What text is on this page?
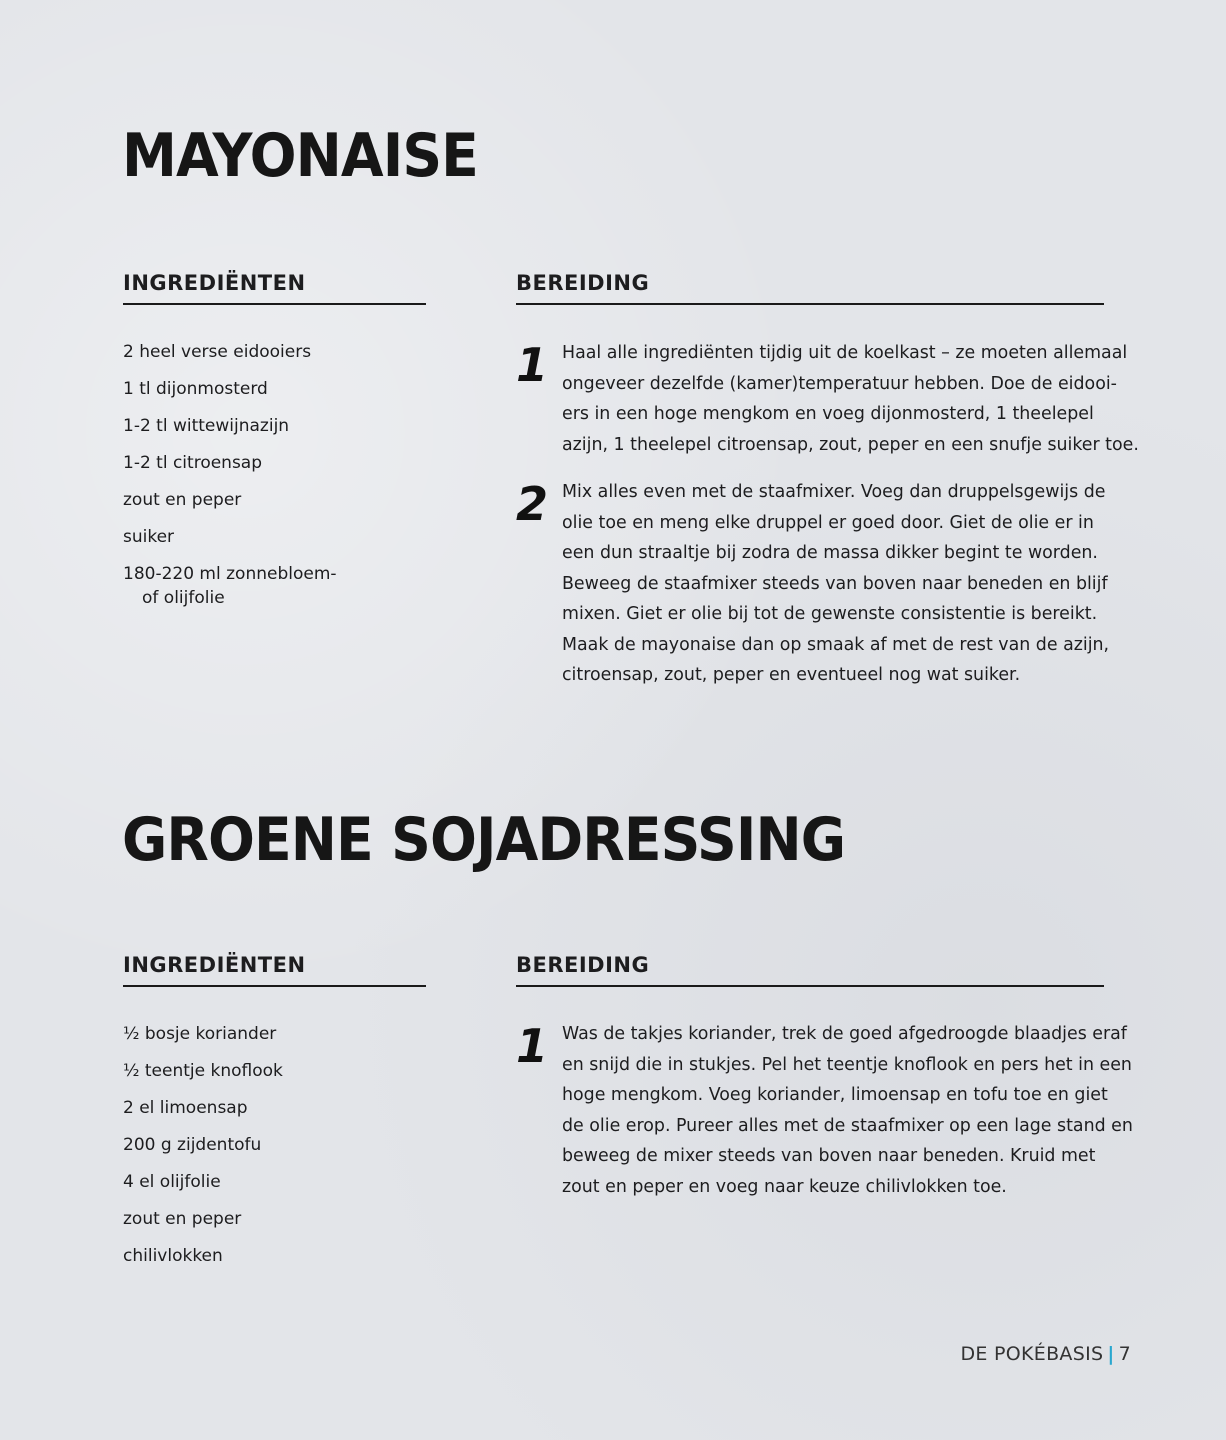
MAYONAISE
INGREDIËNTEN	BEREIDING
2 heel verse eidooiers
1 tl dijonmosterd
1-2 tl wittewijnazijn
1-2 tl citroensap
zout en peper
suiker
180-220 ml zonnebloem-
of olijfolie
1 Haal alle ingrediënten tijdig uit de koelkast – ze moeten allemaal
ongeveer dezelfde (kamer)temperatuur hebben. Doe de eidooi-
ers in een hoge mengkom en voeg dijonmosterd, 1 theelepel
azijn, 1 theelepel citroensap, zout, peper en een snufje suiker toe.
2 Mix alles even met de staafmixer. Voeg dan druppelsgewijs de
olie toe en meng elke druppel er goed door. Giet de olie er in
een dun straaltje bij zodra de massa dikker begint te worden.
Beweeg de staafmixer steeds van boven naar beneden en blijf
mixen. Giet er olie bij tot de gewenste consistentie is bereikt.
Maak de mayonaise dan op smaak af met de rest van de azijn,
citroensap, zout, peper en eventueel nog wat suiker.
GROENE SOJADRESSING
INGREDIËNTEN	BEREIDING
½ bosje koriander
½ teentje knoflook
2 el limoensap
200 g zijdentofu
4 el olijfolie
zout en peper
chilivlokken
1 Was de takjes koriander, trek de goed afgedroogde blaadjes eraf
en snijd die in stukjes. Pel het teentje knoflook en pers het in een
hoge mengkom. Voeg koriander, limoensap en tofu toe en giet
de olie erop. Pureer alles met de staafmixer op een lage stand en
beweeg de mixer steeds van boven naar beneden. Kruid met
zout en peper en voeg naar keuze chilivlokken toe.
DE POKÉBASIS | 7
